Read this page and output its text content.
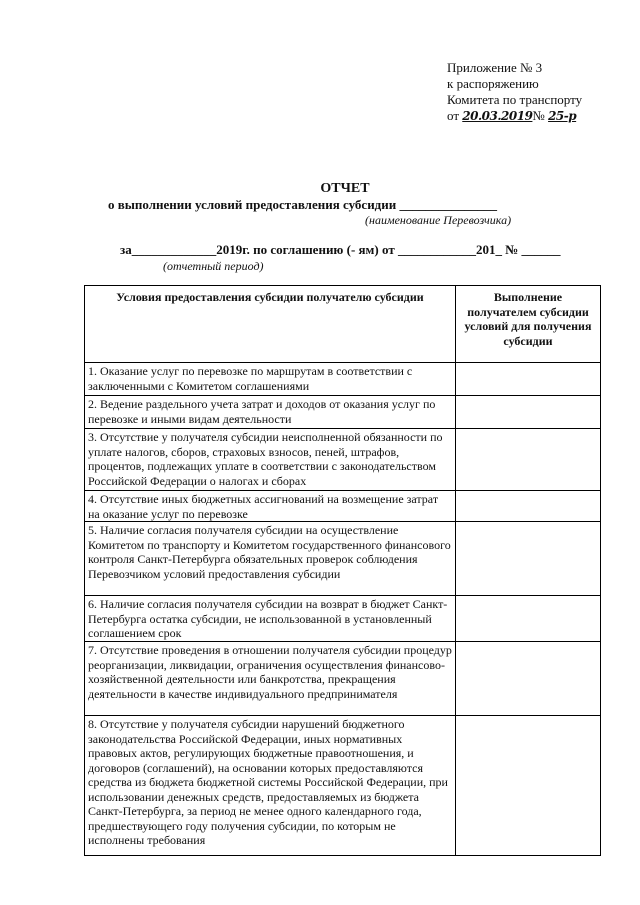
Приложение № 3
к распоряжению
Комитета по транспорту
от 20.03.2019№ 25-р
ОТЧЕТ
о выполнении условий предоставления субсидии _______________
(наименование Перевозчика)
за_____________2019г. по соглашению (- ям) от ____________201_ № ______
(отчетный период)
Условия предоставления субсидии получателю субсидии	Выполнение получателем субсидии условий для получения субсидии
1. Оказание услуг по перевозке по маршрутам в соответствии с заключенными с Комитетом соглашениями	
2. Ведение раздельного учета затрат и доходов от оказания услуг по перевозке и иными видам деятельности	
3. Отсутствие у получателя субсидии неисполненной обязанности по уплате налогов, сборов, страховых взносов, пеней, штрафов, процентов, подлежащих уплате в соответствии с законодательством Российской Федерации о налогах и сборах	
4. Отсутствие иных бюджетных ассигнований на возмещение затрат на оказание услуг по перевозке	
5. Наличие согласия получателя субсидии на осуществление Комитетом по транспорту и Комитетом государственного финансового контроля Санкт-Петербурга обязательных проверок соблюдения Перевозчиком условий предоставления субсидии	
6. Наличие согласия получателя субсидии на возврат в бюджет Санкт-Петербурга остатка субсидии, не использованной в установленный соглашением срок	
7. Отсутствие проведения в отношении получателя субсидии процедур реорганизации, ликвидации, ограничения осуществления финансово-хозяйственной деятельности или банкротства, прекращения деятельности в качестве индивидуального предпринимателя	
8. Отсутствие у получателя субсидии нарушений бюджетного законодательства Российской Федерации, иных нормативных правовых актов, регулирующих бюджетные правоотношения, и договоров (соглашений), на основании которых предоставляются средства из бюджета бюджетной системы Российской Федерации, при использовании денежных средств, предоставляемых из бюджета Санкт-Петербурга, за период не менее одного календарного года, предшествующего году получения субсидии, по которым не исполнены требования	
